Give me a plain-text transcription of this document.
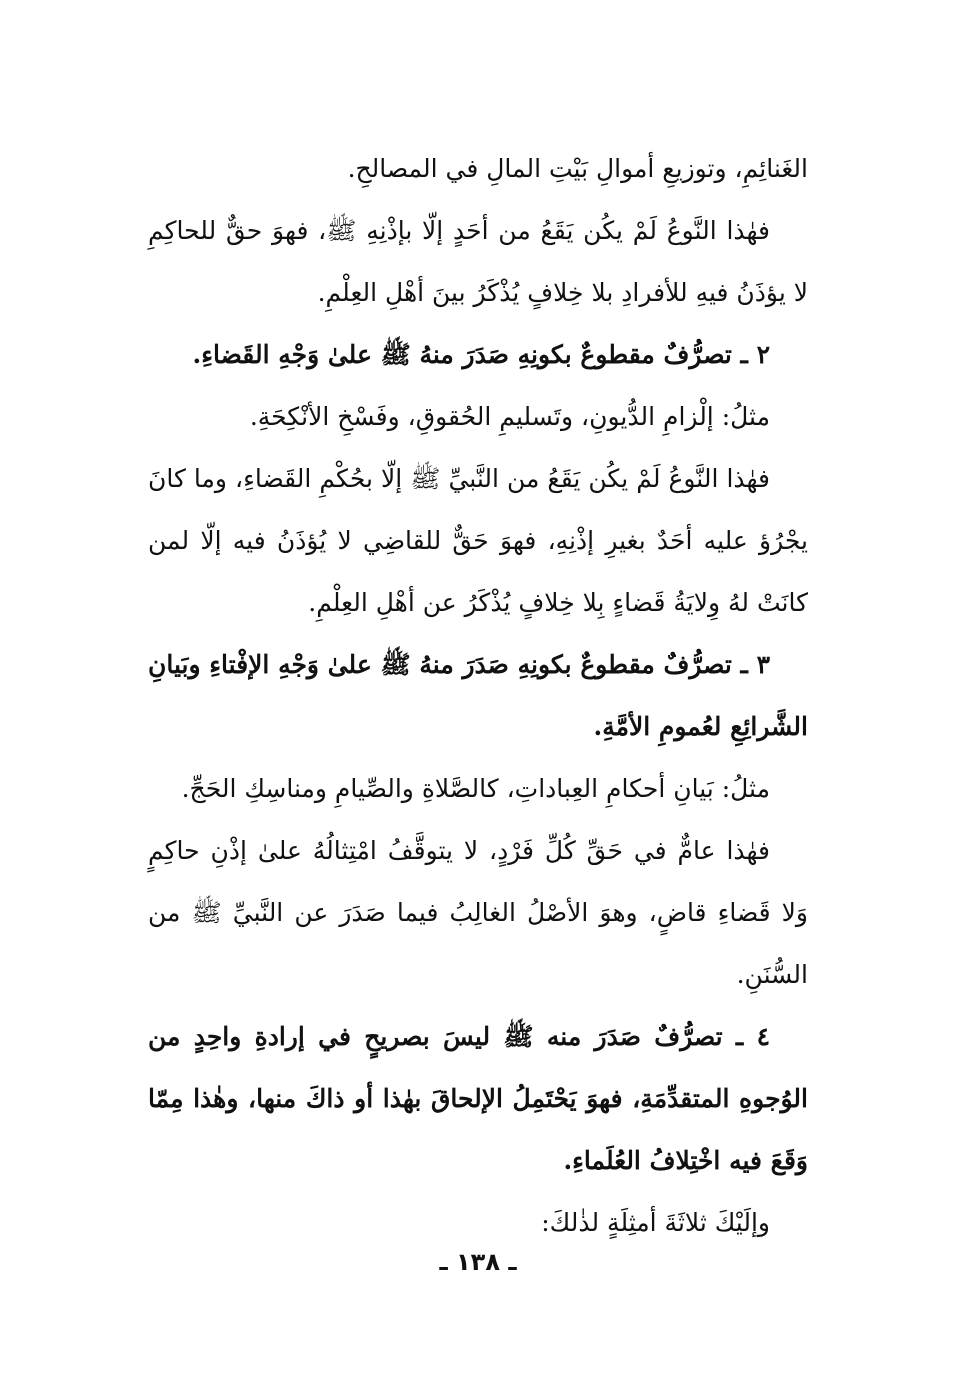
الغَنائِمِ، وتوزيعِ أموالِ بَيْتِ المالِ في المصالحِ.

فهٰذا النَّوعُ لَمْ يكُن يَقَعُ من أحَدٍ إلّا بإذْنِهِ ﷺ، فهوَ حقٌّ للحاكِمِ لا يؤذَنُ فيهِ للأفرادِ بلا خِلافٍ يُذْكَرُ بينَ أهْلِ العِلْمِ.

٢ ـ تصرُّفٌ مقطوعٌ بكونِهِ صَدَرَ منهُ ﷺ علىٰ وَجْهِ القَضاءِ.

مثلُ: إلْزامِ الدُّيونِ، وتَسليمِ الحُقوقِ، وفَسْخِ الأنْكِحَةِ.

فهٰذا النَّوعُ لَمْ يكُن يَقَعُ من النَّبيِّ ﷺ إلّا بحُكْمِ القَضاءِ، وما كانَ يجْرُؤ عليه أحَدٌ بغيرِ إذْنِهِ، فهوَ حَقٌّ للقاضِي لا يُؤذَنُ فيه إلّا لمن كانَتْ لهُ وِلايَةُ قَضاءٍ بِلا خِلافٍ يُذْكَرُ عن أهْلِ العِلْمِ.

٣ ـ تصرُّفٌ مقطوعٌ بكونِهِ صَدَرَ منهُ ﷺ علىٰ وَجْهِ الإفْتاءِ وبَيانِ الشَّرائِعِ لعُمومِ الأمَّةِ.

مثلُ: بَيانِ أحكامِ العِباداتِ، كالصَّلاةِ والصِّيامِ ومناسِكِ الحَجِّ.

فهٰذا عامٌّ في حَقِّ كُلِّ فَرْدٍ، لا يتوقَّفُ امْتِثالُهُ علىٰ إذْنِ حاكِمٍ وَلا قَضاءِ قاضٍ، وهوَ الأصْلُ الغالِبُ فيما صَدَرَ عن النَّبيِّ ﷺ من السُّنَنِ.

٤ ـ تصرُّفٌ صَدَرَ منه ﷺ ليسَ بصريحٍ في إرادةِ واحِدٍ من الوُجوهِ المتقدِّمَةِ، فهوَ يَحْتَمِلُ الإلحاقَ بهٰذا أو ذاكَ منها، وهٰذا مِمّا وَقَعَ فيه اخْتِلافُ العُلَماءِ.

وإلَيْكَ ثلاثَةَ أمثِلَةٍ لذٰلكَ:

ـ ١٣٨ ـ
